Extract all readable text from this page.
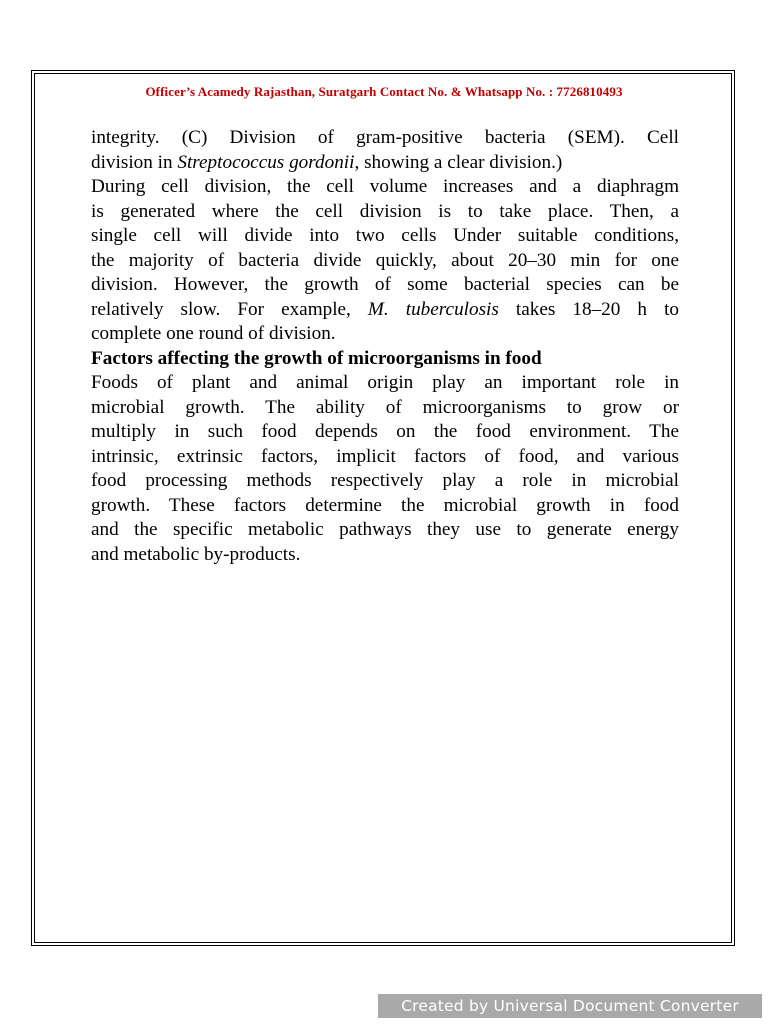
Officer’s Acamedy Rajasthan, Suratgarh Contact No. & Whatsapp No. : 7726810493
integrity. (C) Division of gram-positive bacteria (SEM). Cell
division in Streptococcus gordonii, showing a clear division.)
During cell division, the cell volume increases and a diaphragm
is generated where the cell division is to take place. Then, a
single cell will divide into two cells Under suitable conditions,
the majority of bacteria divide quickly, about 20–30 min for one
division. However, the growth of some bacterial species can be
relatively slow. For example, M. tuberculosis takes 18–20 h to
complete one round of division.
Factors affecting the growth of microorganisms in food
Foods of plant and animal origin play an important role in
microbial growth. The ability of microorganisms to grow or
multiply in such food depends on the food environment. The
intrinsic, extrinsic factors, implicit factors of food, and various
food processing methods respectively play a role in microbial
growth. These factors determine the microbial growth in food
and the specific metabolic pathways they use to generate energy
and metabolic by-products.
Created by Universal Document Converter
